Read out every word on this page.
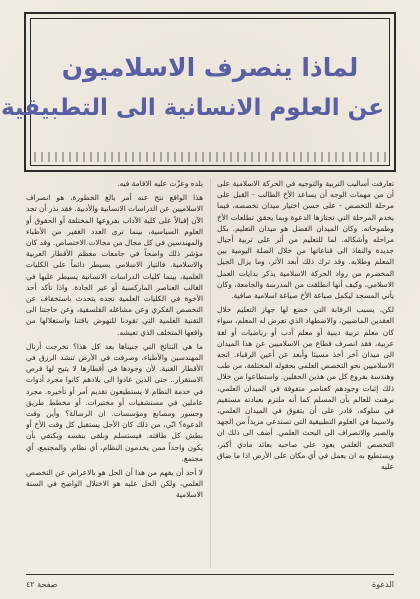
لماذا ينصرف الاسلاميون
عن العلوم الانسانية الى التطبيقية

تعارفت أساليب التربية والتوجيه في الحركة الاسلامية على أن من مهمات الوجه أن يساعد الأخ الطالب - القبل على مرحلة التخصص - على حسن اختيار ميدان تخصصه، فيما يخدم المرحلة التي تجتازها الدعوة وبما يحقق تطلعات الأخ وطموحاته. وكان الميدان الفضل هو ميدان التعليم. بكل مراحله وأشكاله. لما للتعليم من أثر على تربية أجيال جديدة والنفاذ الى قناعاتها من خلال الصلة اليومية بين المعلم وطلابه. وقد ترك ذلك أبعد الأثر، وما يزال الجيل المخضرم من رواد الحركة الاسلامية يذكر بدايات العمل الاسلامي، وكيف أنها انطلقت من المدرسة والجامعة، وكان يأتي المسجد ليكمل صياغة الأخ صياغة اسلامية صافية.

لكن، بسبب الرقابة التي خضع لها جهاز التعليم خلال العقدين الماضيين، والاضطهاد الذي تعرض له المعلم، سواء كان معلم تربية دينية أو معلم أدب أو رياضيات أو لغة عربية، فقد انصرف قطاع من الاسلاميين عن هذا الميدان الى ميدان آخر أخذ مسيئا وأبعد عن أعين الرقباء. اتجه الاسلاميين نحو التخصص العلمي بحقوله المختلفة، من طب وهندسة بفروع كل من هذين الحقلين. واستطاعوا من خلال ذلك إثبات وجودهم كعناصر متفوقة في الميدان العلمي، برهنت للعالم بأن المسلم كما أنه ملتزم بعبادته مستقيم في سلوكه، قادر على أن يتفوق في الميدان العلمي، ولاسيما في العلوم التطبيقية التي تستدعي مزيداً من الجهد والصبر والانصراف الى البحث العلمي. أضف الى ذلك ان التخصص العلمي يعود على صاحبه بعائد مادي أكبر، ويستطيع به ان يعمل في أي مكان على الأرض اذا ما ضاق عليه

بلده وعزّت عليه الاقامة فيه.

هذا الواقع نتج عنه أمر بالغ الخطورة، هو انصراف الاسلاميين عن الدراسات الانسانية والأدبية. فقد نذر أن تجد الآن إقبالاً على كلية الآداب بفروعها المختلفة أو الحقوق أو العلوم السياسية، بينما ترى العدد الغفير من الأطباء والمهندسين في كل مجال من مجالات الاختصاص. وقد كان مؤشر ذلك واضحاً في جامعات معظم الأقطار العربية والاسلامية. فالتيار الاسلامي يسيطر دائماً على الكليات العلمية، بينما كليات الدراسات الانسانية يسيطر عليها في الغالب العناصر الماركسية أو غير الجادة. واذا تأكد أحد الأخوة في الكليات العلمية تجده يتحدث باستخفاف عن التخصص الفكري وعن مشاغله الفلسفية، وعن حاجتنا الى التقنية العلمية التي تقودنا للنهوض باقتنا واستغلالها من واقعها المتخلف الذي تعيشه.

ما هي النتائج التي جنيناها بعد كل هذا؟ تخرجت أرتال المهندسين والأطباء، وصرفت في الأرض تنشد الرزق في الأقطار الغنية. لأن وجودها في أقطارها لا يتيح لها فرص الاستقرار.. حتى الذين عادوا الى بلادهم كانوا مجرد أدوات في خدمة النظام لا يستطيعون تقديم أمر أو تأخيره. مجرد عاملين في مستشفيات أو مختبرات. أو مخطط طريق وجسور ومصانع ومؤسسات. ان الرسالة؟ وأين وقت الدعوة؟ انّي، من ذلك كان الأجل يستقبل كل وقت الأخ أو بطش كل طاقته. فيستسلم وبلقى بنفسه ويكتفي بأن يكون واحداً ممن يخدمون النظام، أي نظام، والمجتمع، أي مجتمع.

لا أحد أن يفهم من هذا أن الحل هو بالاعراض عن التخصص العلمي، ولكن الحل عليه هو الاختلال الواضح في السنة الاسلامية

الدعوة
صفحة ٤٢
